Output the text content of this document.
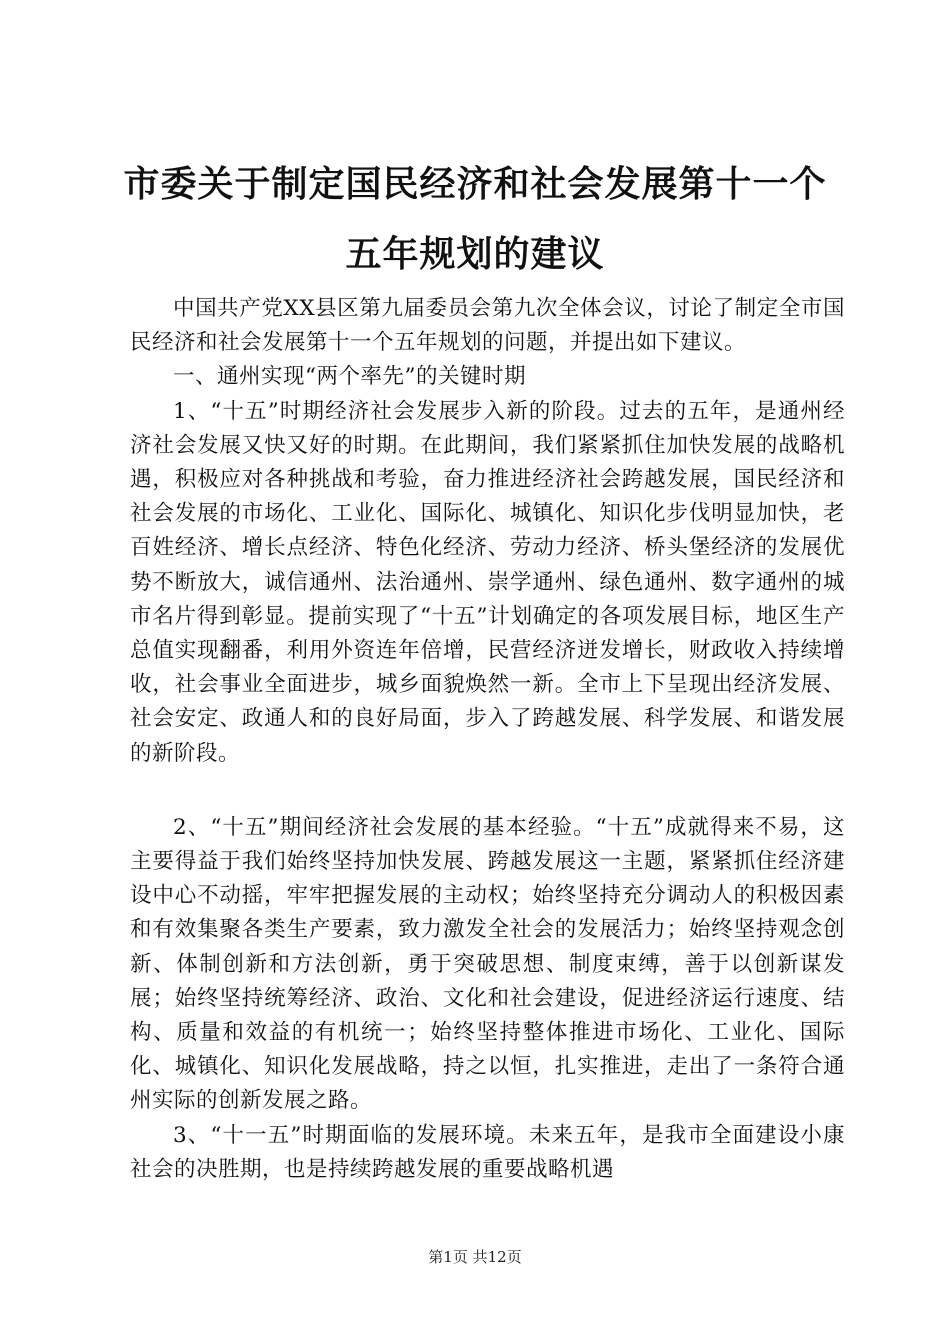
市委关于制定国民经济和社会发展第十一个五年规划的建议

中国共产党XX县区第九届委员会第九次全体会议，讨论了制定全市国民经济和社会发展第十一个五年规划的问题，并提出如下建议。

一、通州实现“两个率先”的关键时期

1、“十五”时期经济社会发展步入新的阶段。过去的五年，是通州经济社会发展又快又好的时期。在此期间，我们紧紧抓住加快发展的战略机遇，积极应对各种挑战和考验，奋力推进经济社会跨越发展，国民经济和社会发展的市场化、工业化、国际化、城镇化、知识化步伐明显加快，老百姓经济、增长点经济、特色化经济、劳动力经济、桥头堡经济的发展优势不断放大，诚信通州、法治通州、崇学通州、绿色通州、数字通州的城市名片得到彰显。提前实现了“十五”计划确定的各项发展目标，地区生产总值实现翻番，利用外资连年倍增，民营经济迸发增长，财政收入持续增收，社会事业全面进步，城乡面貌焕然一新。全市上下呈现出经济发展、社会安定、政通人和的良好局面，步入了跨越发展、科学发展、和谐发展的新阶段。

2、“十五”期间经济社会发展的基本经验。“十五”成就得来不易，这主要得益于我们始终坚持加快发展、跨越发展这一主题，紧紧抓住经济建设中心不动摇，牢牢把握发展的主动权；始终坚持充分调动人的积极因素和有效集聚各类生产要素，致力激发全社会的发展活力；始终坚持观念创新、体制创新和方法创新，勇于突破思想、制度束缚，善于以创新谋发展；始终坚持统筹经济、政治、文化和社会建设，促进经济运行速度、结构、质量和效益的有机统一；始终坚持整体推进市场化、工业化、国际化、城镇化、知识化发展战略，持之以恒，扎实推进，走出了一条符合通州实际的创新发展之路。

3、“十一五”时期面临的发展环境。未来五年，是我市全面建设小康社会的决胜期，也是持续跨越发展的重要战略机遇

第1页 共12页
